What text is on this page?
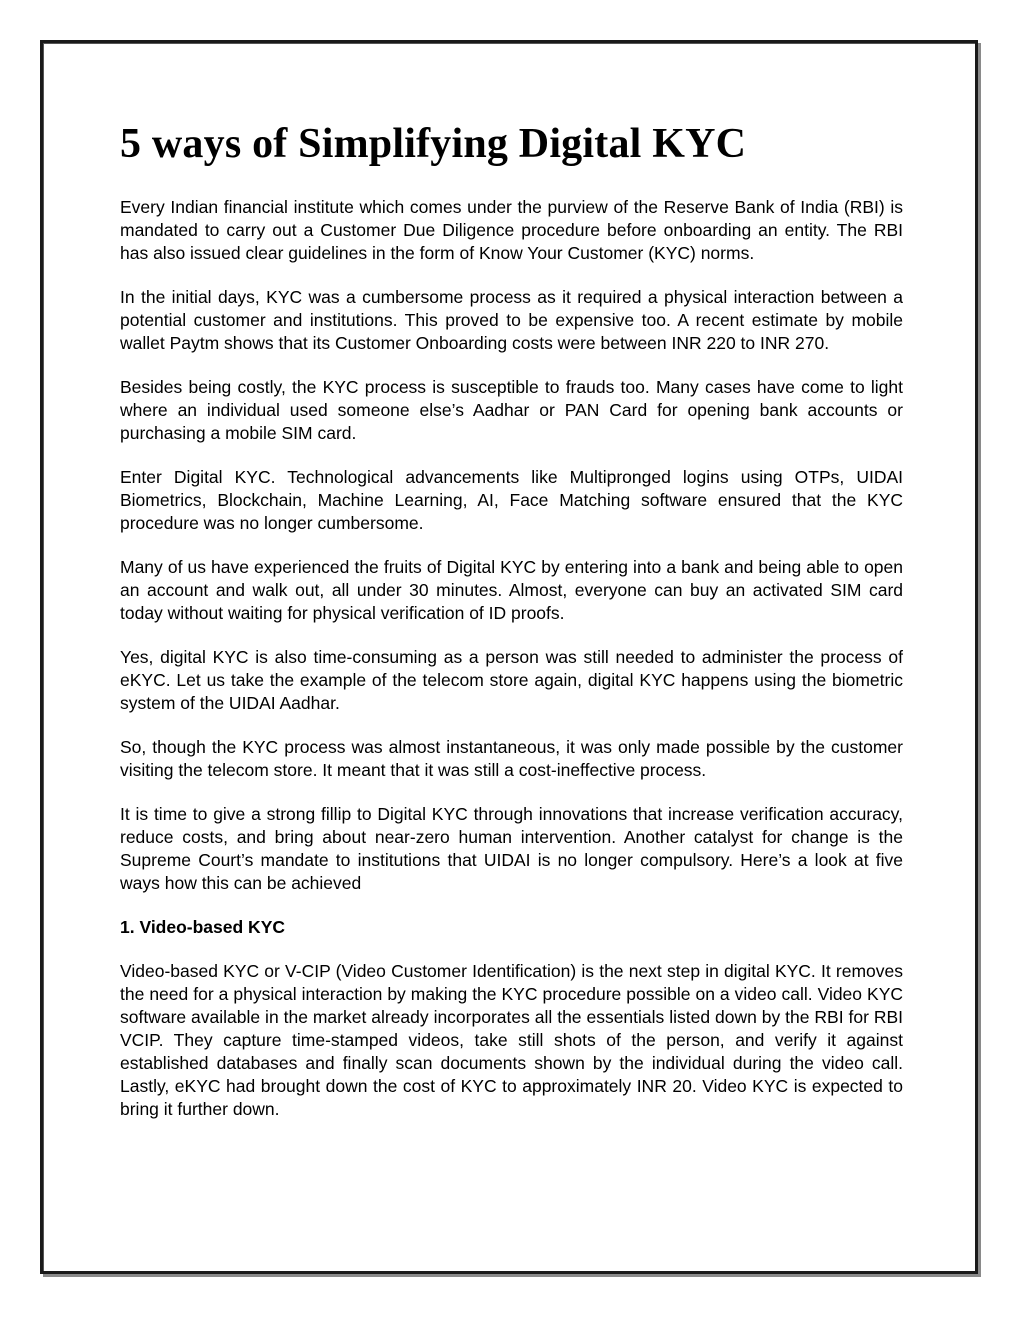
5 ways of Simplifying Digital KYC

Every Indian financial institute which comes under the purview of the Reserve Bank of India (RBI) is mandated to carry out a Customer Due Diligence procedure before onboarding an entity. The RBI has also issued clear guidelines in the form of Know Your Customer (KYC) norms.

In the initial days, KYC was a cumbersome process as it required a physical interaction between a potential customer and institutions. This proved to be expensive too. A recent estimate by mobile wallet Paytm shows that its Customer Onboarding costs were between INR 220 to INR 270.

Besides being costly, the KYC process is susceptible to frauds too. Many cases have come to light where an individual used someone else’s Aadhar or PAN Card for opening bank accounts or purchasing a mobile SIM card.

Enter Digital KYC. Technological advancements like Multipronged logins using OTPs, UIDAI Biometrics, Blockchain, Machine Learning, AI, Face Matching software ensured that the KYC procedure was no longer cumbersome.

Many of us have experienced the fruits of Digital KYC by entering into a bank and being able to open an account and walk out, all under 30 minutes. Almost, everyone can buy an activated SIM card today without waiting for physical verification of ID proofs.

Yes, digital KYC is also time-consuming as a person was still needed to administer the process of eKYC. Let us take the example of the telecom store again, digital KYC happens using the biometric system of the UIDAI Aadhar.

So, though the KYC process was almost instantaneous, it was only made possible by the customer visiting the telecom store. It meant that it was still a cost-ineffective process.

It is time to give a strong fillip to Digital KYC through innovations that increase verification accuracy, reduce costs, and bring about near-zero human intervention. Another catalyst for change is the Supreme Court’s mandate to institutions that UIDAI is no longer compulsory. Here’s a look at five ways how this can be achieved

1. Video-based KYC

Video-based KYC or V-CIP (Video Customer Identification) is the next step in digital KYC. It removes the need for a physical interaction by making the KYC procedure possible on a video call. Video KYC software available in the market already incorporates all the essentials listed down by the RBI for RBI VCIP. They capture time-stamped videos, take still shots of the person, and verify it against established databases and finally scan documents shown by the individual during the video call. Lastly, eKYC had brought down the cost of KYC to approximately INR 20. Video KYC is expected to bring it further down.
